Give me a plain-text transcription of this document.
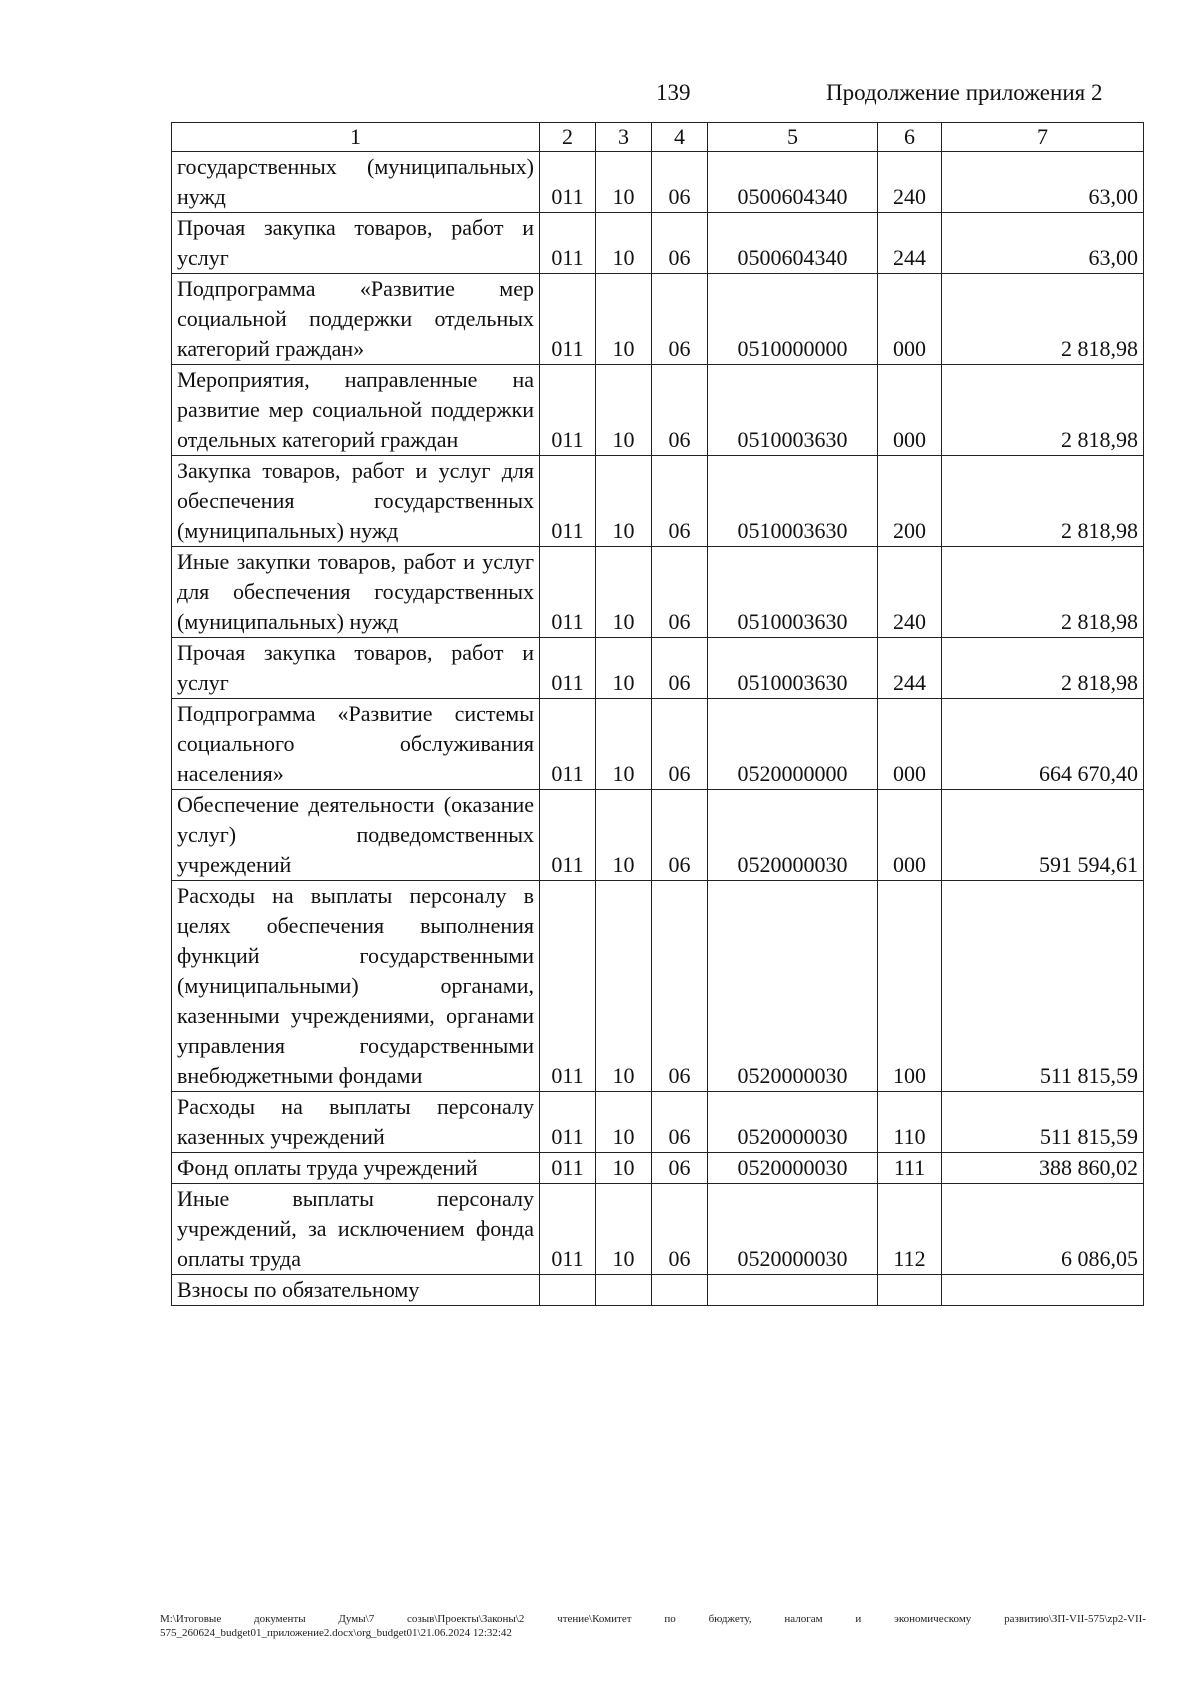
139	Продолжение приложения 2
1	2	3	4	5	6	7
государственных (муниципальных) нужд	011	10	06	0500604340	240	63,00
Прочая закупка товаров, работ и услуг	011	10	06	0500604340	244	63,00
Подпрограмма «Развитие мер социальной поддержки отдельных категорий граждан»	011	10	06	0510000000	000	2 818,98
Мероприятия, направленные на развитие мер социальной поддержки отдельных категорий граждан	011	10	06	0510003630	000	2 818,98
Закупка товаров, работ и услуг для обеспечения государственных (муниципальных) нужд	011	10	06	0510003630	200	2 818,98
Иные закупки товаров, работ и услуг для обеспечения государственных (муниципальных) нужд	011	10	06	0510003630	240	2 818,98
Прочая закупка товаров, работ и услуг	011	10	06	0510003630	244	2 818,98
Подпрограмма «Развитие системы социального обслуживания населения»	011	10	06	0520000000	000	664 670,40
Обеспечение деятельности (оказание услуг) подведомственных учреждений	011	10	06	0520000030	000	591 594,61
Расходы на выплаты персоналу в целях обеспечения выполнения функций государственными (муниципальными) органами, казенными учреждениями, органами управления государственными внебюджетными фондами	011	10	06	0520000030	100	511 815,59
Расходы на выплаты персоналу казенных учреждений	011	10	06	0520000030	110	511 815,59
Фонд оплаты труда учреждений	011	10	06	0520000030	111	388 860,02
Иные выплаты персоналу учреждений, за исключением фонда оплаты труда	011	10	06	0520000030	112	6 086,05
Взносы по обязательному						
M:\Итоговые документы Думы\7 созыв\Проекты\Законы\2 чтение\Комитет по бюджету, налогам и экономическому развитию\ЗП-VII-575\zp2-VII-575_260624_budget01_приложение2.docx\org_budget01\21.06.2024 12:32:42
